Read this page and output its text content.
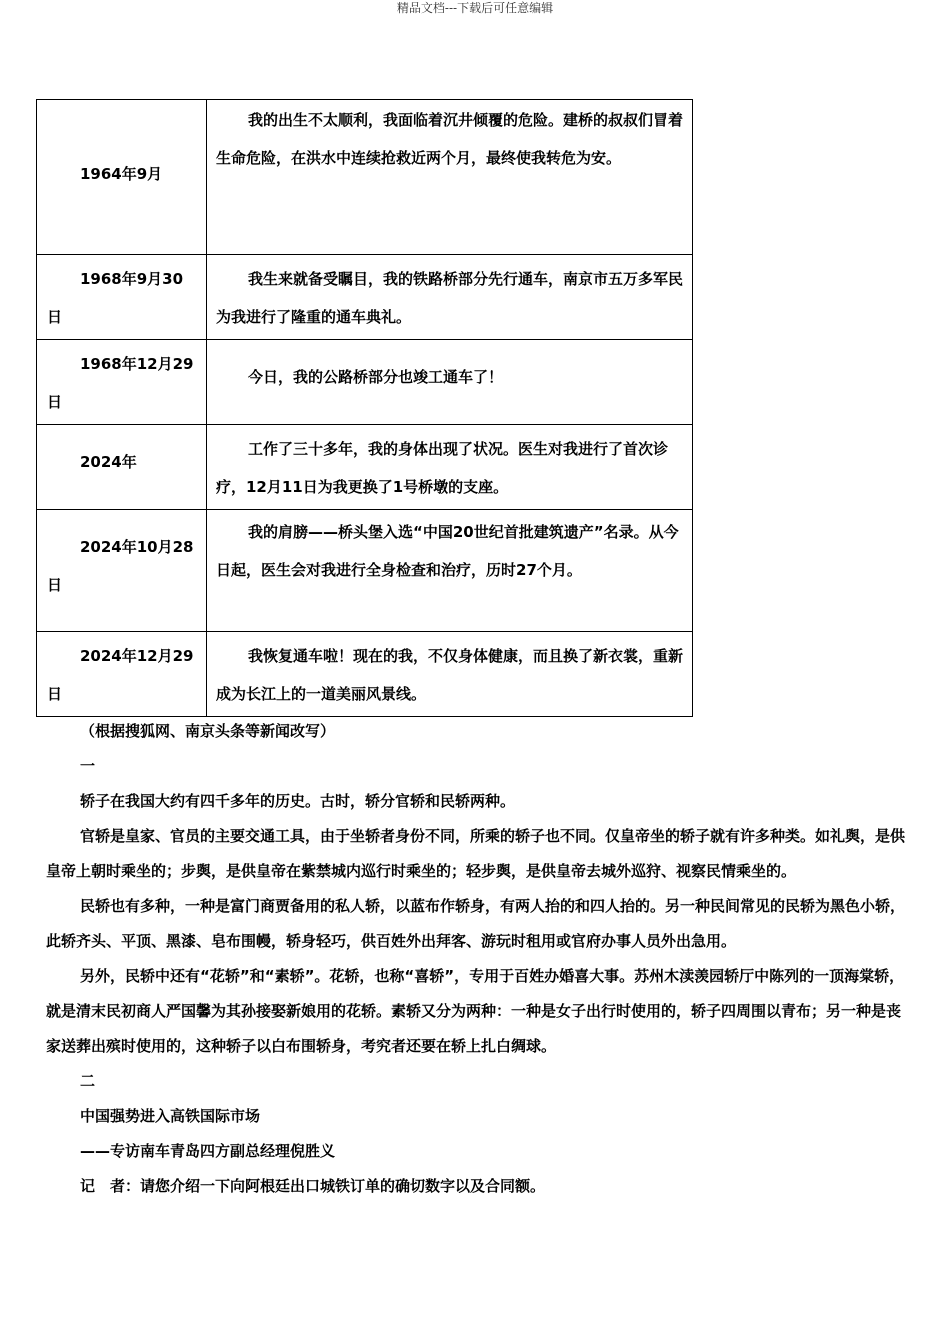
精品文档---下载后可任意编辑
1964年9月	我的出生不太顺利，我面临着沉井倾覆的危险。建桥的叔叔们冒着生命危险，在洪水中连续抢救近两个月，最终使我转危为安。

1968年9月30日	我生来就备受瞩目，我的铁路桥部分先行通车，南京市五万多军民为我进行了隆重的通车典礼。

1968年12月29日	今日，我的公路桥部分也竣工通车了！

2024年	工作了三十多年，我的身体出现了状况。医生对我进行了首次诊疗，12月11日为我更换了1号桥墩的支座。

2024年10月28日	我的肩膀——桥头堡入选“中国20世纪首批建筑遗产”名录。从今日起，医生会对我进行全身检查和治疗，历时27个月。

2024年12月29日	我恢复通车啦！现在的我，不仅身体健康，而且换了新衣裳，重新成为长江上的一道美丽风景线。

（根据搜狐网、南京头条等新闻改写）

一

轿子在我国大约有四千多年的历史。古时，轿分官轿和民轿两种。

官轿是皇家、官员的主要交通工具，由于坐轿者身份不同，所乘的轿子也不同。仅皇帝坐的轿子就有许多种类。如礼舆，是供皇帝上朝时乘坐的；步舆，是供皇帝在紫禁城内巡行时乘坐的；轻步舆，是供皇帝去城外巡狩、视察民情乘坐的。

民轿也有多种，一种是富门商贾备用的私人轿，以蓝布作轿身，有两人抬的和四人抬的。另一种民间常见的民轿为黑色小轿，此轿齐头、平顶、黑漆、皂布围幔，轿身轻巧，供百姓外出拜客、游玩时租用或官府办事人员外出急用。

另外，民轿中还有“花轿”和“素轿”。花轿，也称“喜轿”，专用于百姓办婚喜大事。苏州木渎羡园轿厅中陈列的一顶海棠轿，就是清末民初商人严国馨为其孙接娶新娘用的花轿。素轿又分为两种：一种是女子出行时使用的，轿子四周围以青布；另一种是丧家送葬出殡时使用的，这种轿子以白布围轿身，考究者还要在轿上扎白绸球。

二

中国强势进入高铁国际市场

——专访南车青岛四方副总经理倪胜义

记　者：请您介绍一下向阿根廷出口城铁订单的确切数字以及合同额。
